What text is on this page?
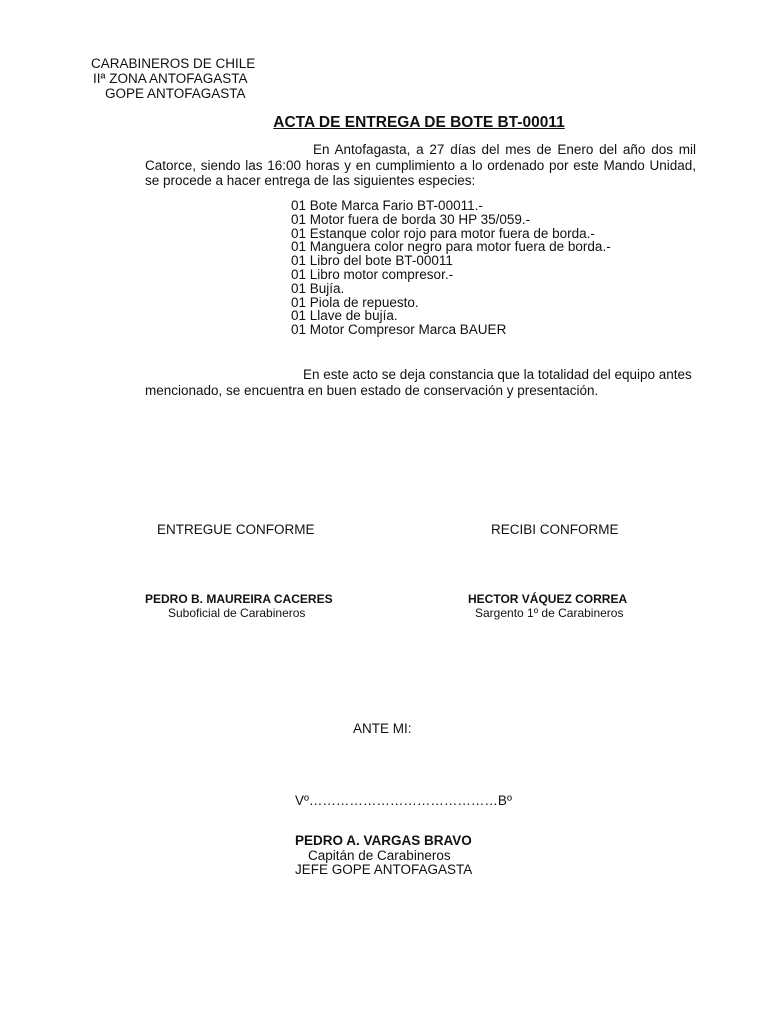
CARABINEROS DE CHILE
IIª ZONA ANTOFAGASTA
GOPE ANTOFAGASTA
ACTA DE ENTREGA DE BOTE BT-00011
En Antofagasta, a 27 días del mes de Enero del año dos mil Catorce, siendo las 16:00 horas y en cumplimiento a lo ordenado por este Mando Unidad, se procede a hacer entrega de las siguientes especies:
01 Bote Marca Fario BT-00011.-
01 Motor fuera de borda 30 HP 35/059.-
01 Estanque color rojo para motor fuera de borda.-
01 Manguera color negro para motor fuera de borda.-
01 Libro del bote BT-00011
01 Libro motor compresor.-
01 Bujía.
01 Piola de repuesto.
01 Llave de bujía.
01 Motor Compresor Marca BAUER
En este acto se deja constancia que la totalidad del equipo antes mencionado, se encuentra en buen estado de conservación y presentación.
ENTREGUE CONFORME	RECIBI CONFORME
PEDRO B. MAUREIRA CACERES
Suboficial de Carabineros
HECTOR VÁQUEZ CORREA
Sargento 1º de Carabineros
ANTE MI:
Vº……………………………………Bº
PEDRO A. VARGAS BRAVO
Capitán de Carabineros
JEFE GOPE ANTOFAGASTA
